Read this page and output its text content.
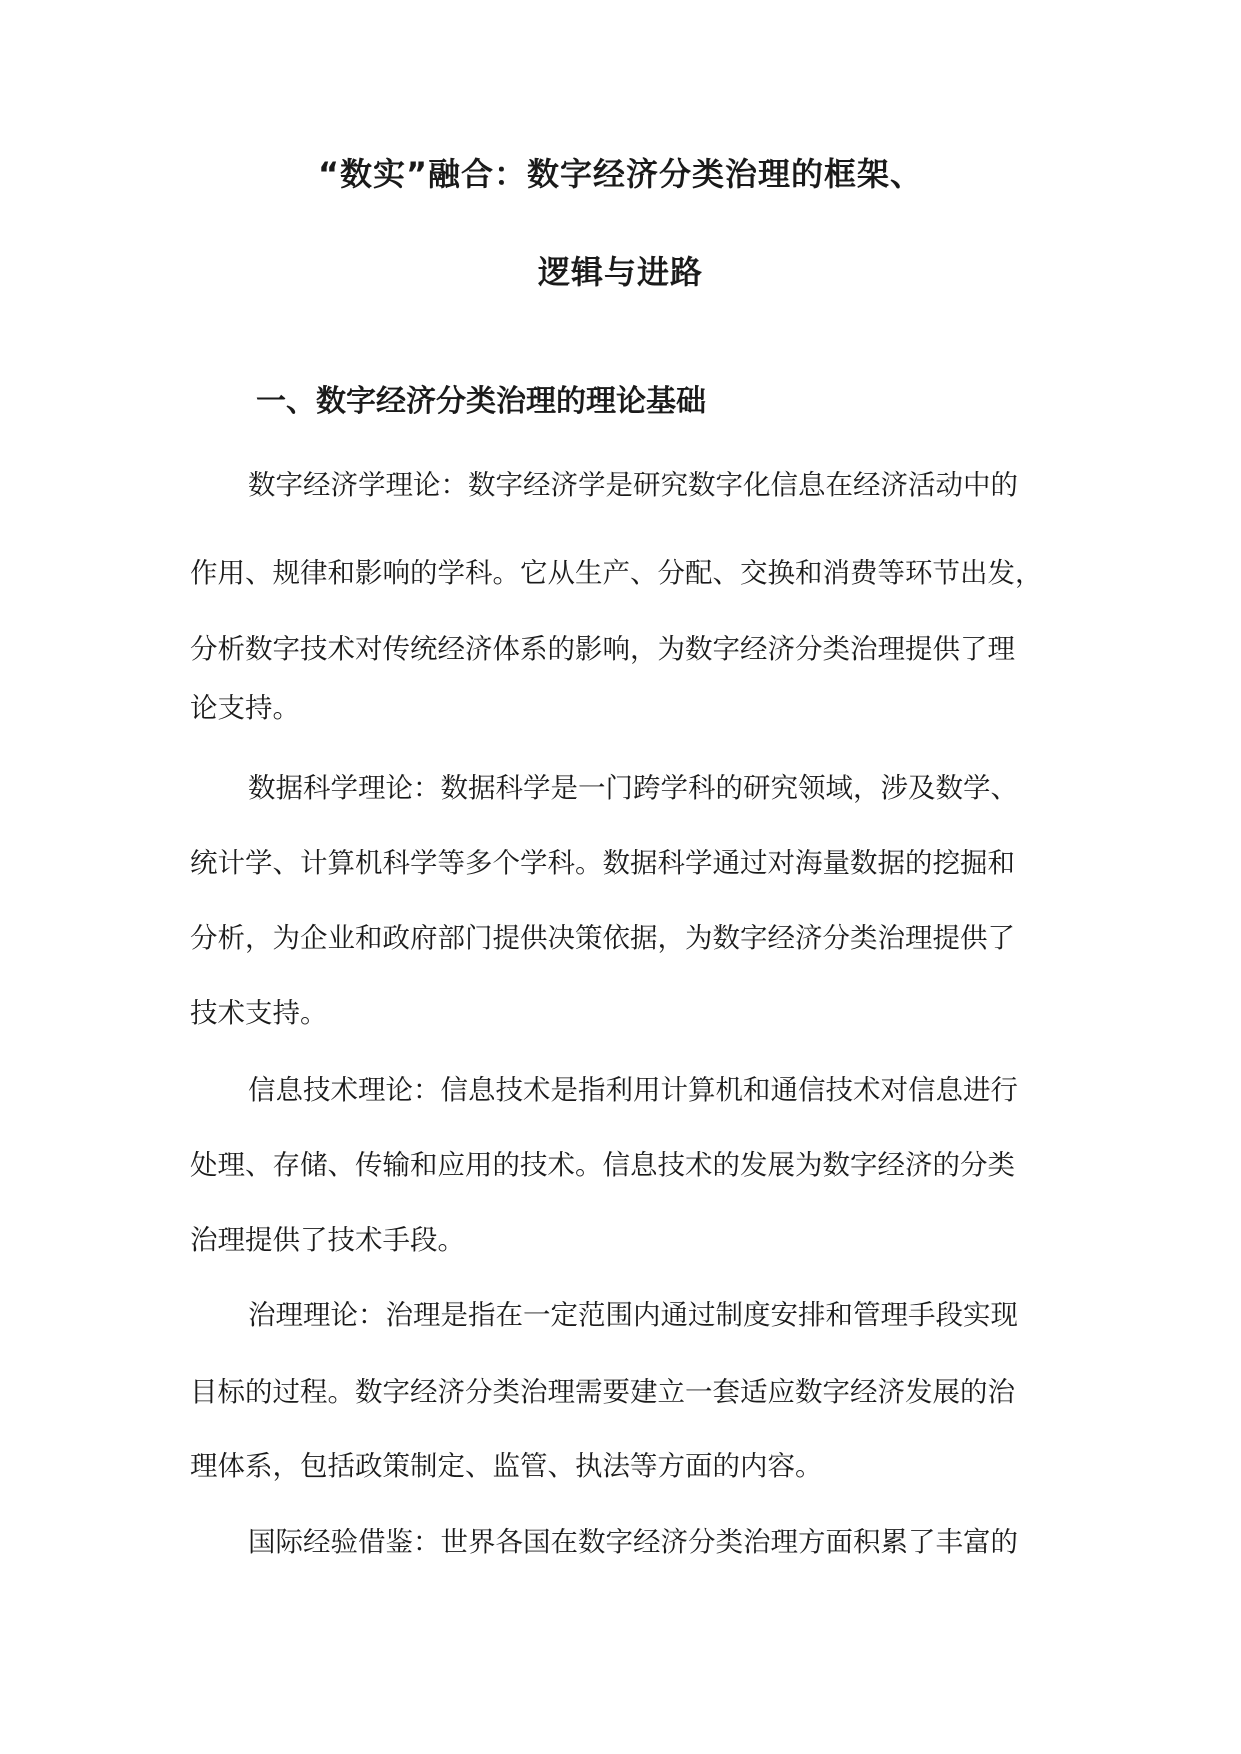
“数实”融合：数字经济分类治理的框架、
逻辑与进路
一、数字经济分类治理的理论基础
数字经济学理论：数字经济学是研究数字化信息在经济活动中的
作用、规律和影响的学科。它从生产、分配、交换和消费等环节出发，
分析数字技术对传统经济体系的影响，为数字经济分类治理提供了理
论支持。
数据科学理论：数据科学是一门跨学科的研究领域，涉及数学、
统计学、计算机科学等多个学科。数据科学通过对海量数据的挖掘和
分析，为企业和政府部门提供决策依据，为数字经济分类治理提供了
技术支持。
信息技术理论：信息技术是指利用计算机和通信技术对信息进行
处理、存储、传输和应用的技术。信息技术的发展为数字经济的分类
治理提供了技术手段。
治理理论：治理是指在一定范围内通过制度安排和管理手段实现
目标的过程。数字经济分类治理需要建立一套适应数字经济发展的治
理体系，包括政策制定、监管、执法等方面的内容。
国际经验借鉴：世界各国在数字经济分类治理方面积累了丰富的
